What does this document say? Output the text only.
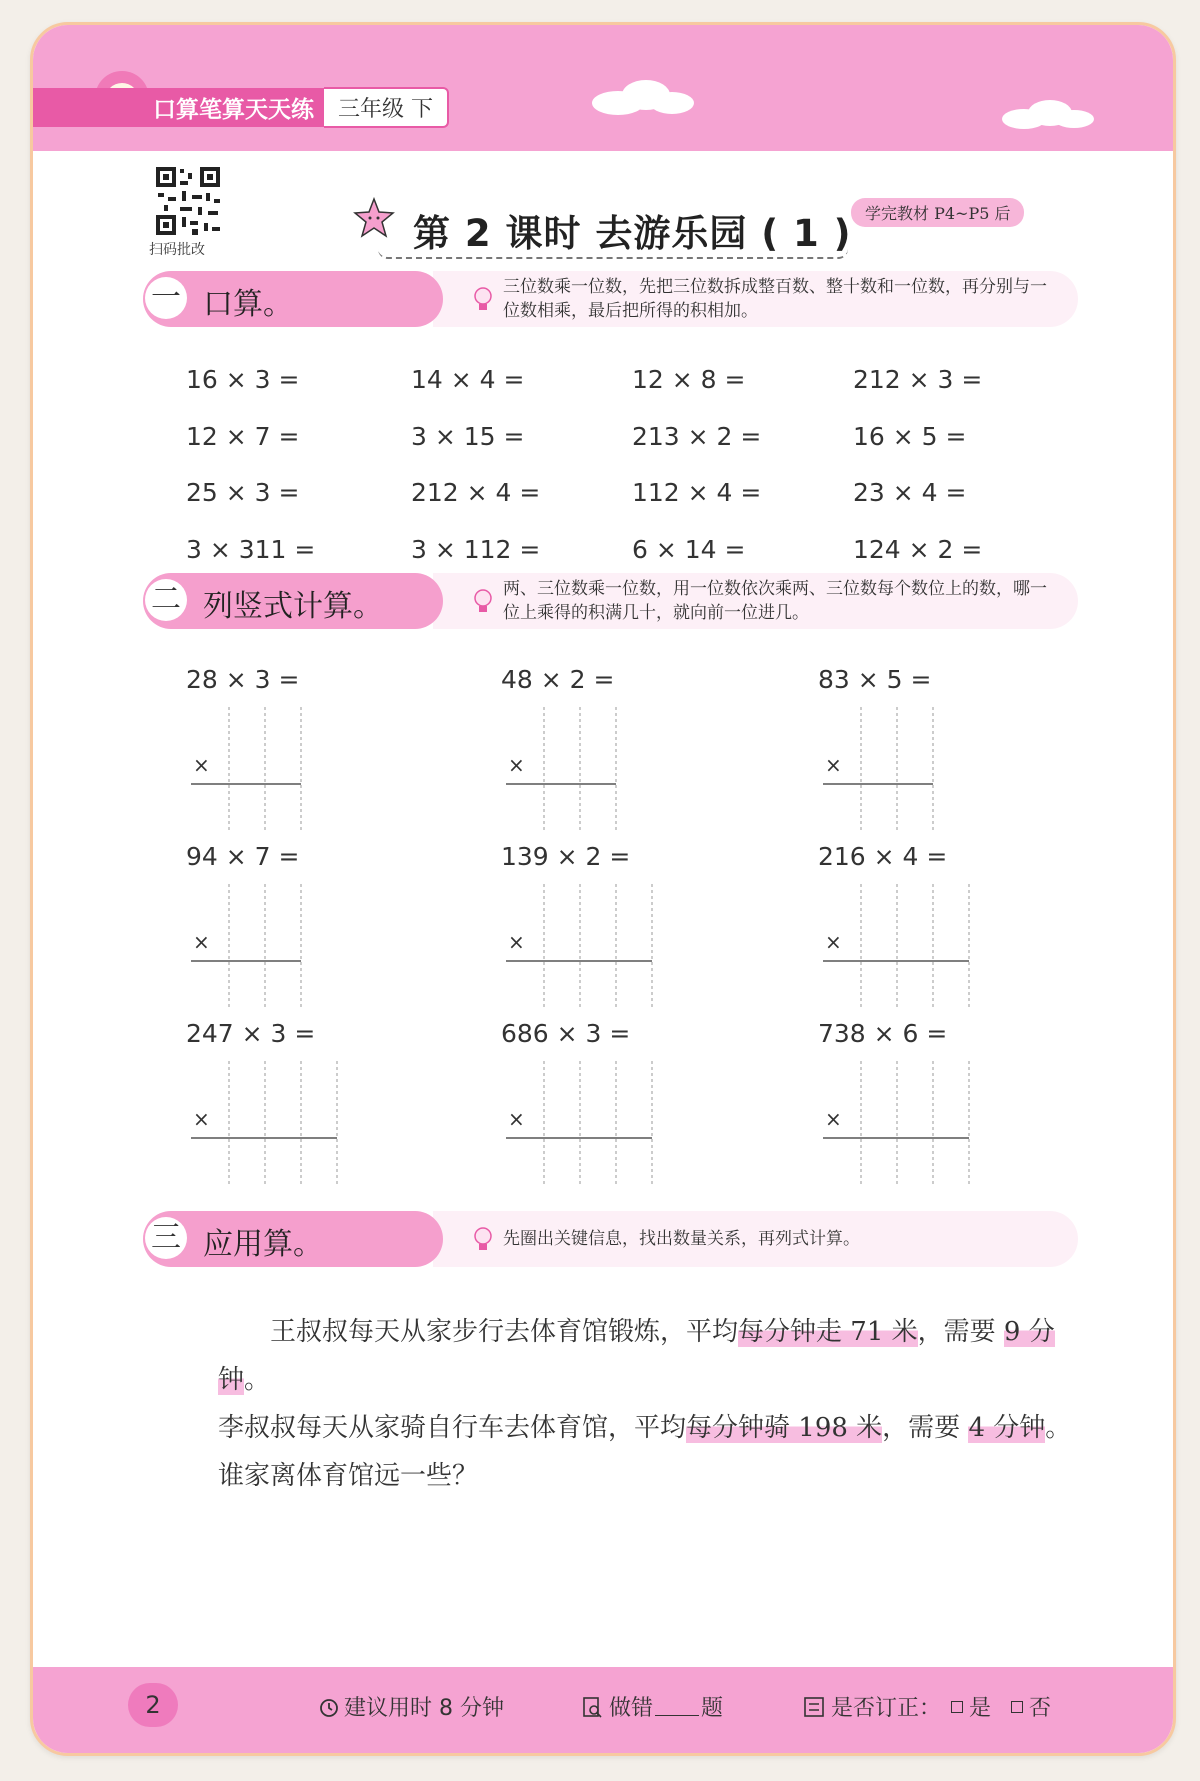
口算笔算天天练	三年级 下
扫码批改	第 2 课时 去游乐园 ( 1 ) 学完教材 P4~P5 后
一 口算。	三位数乘一位数，先把三位数拆成整百数、整十数和一位数，再分别与一位数相乘，最后把所得的积相加。
16 × 3 =	14 × 4 =	12 × 8 =	212 × 3 =
12 × 7 =	3 × 15 =	213 × 2 =	16 × 5 =
25 × 3 =	212 × 4 =	112 × 4 =	23 × 4 =
3 × 311 =	3 × 112 =	6 × 14 =	124 × 2 =
二 列竖式计算。	两、三位数乘一位数，用一位数依次乘两、三位数每个数位上的数，哪一位上乘得的积满几十，就向前一位进几。
28 × 3 =
×
48 × 2 =
×
83 × 5 =
×
94 × 7 =
×
139 × 2 =
×
216 × 4 =
×
247 × 3 =
×
686 × 3 =
×
738 × 6 =
×
三 应用算。	先圈出关键信息，找出数量关系，再列式计算。
王叔叔每天从家步行去体育馆锻炼，平均每分钟走 71 米，需要 9 分钟。
李叔叔每天从家骑自行车去体育馆，平均每分钟骑 198 米，需要 4 分钟。
谁家离体育馆远一些？
2	建议用时 8 分钟	做错 题	是否订正： 是 否
